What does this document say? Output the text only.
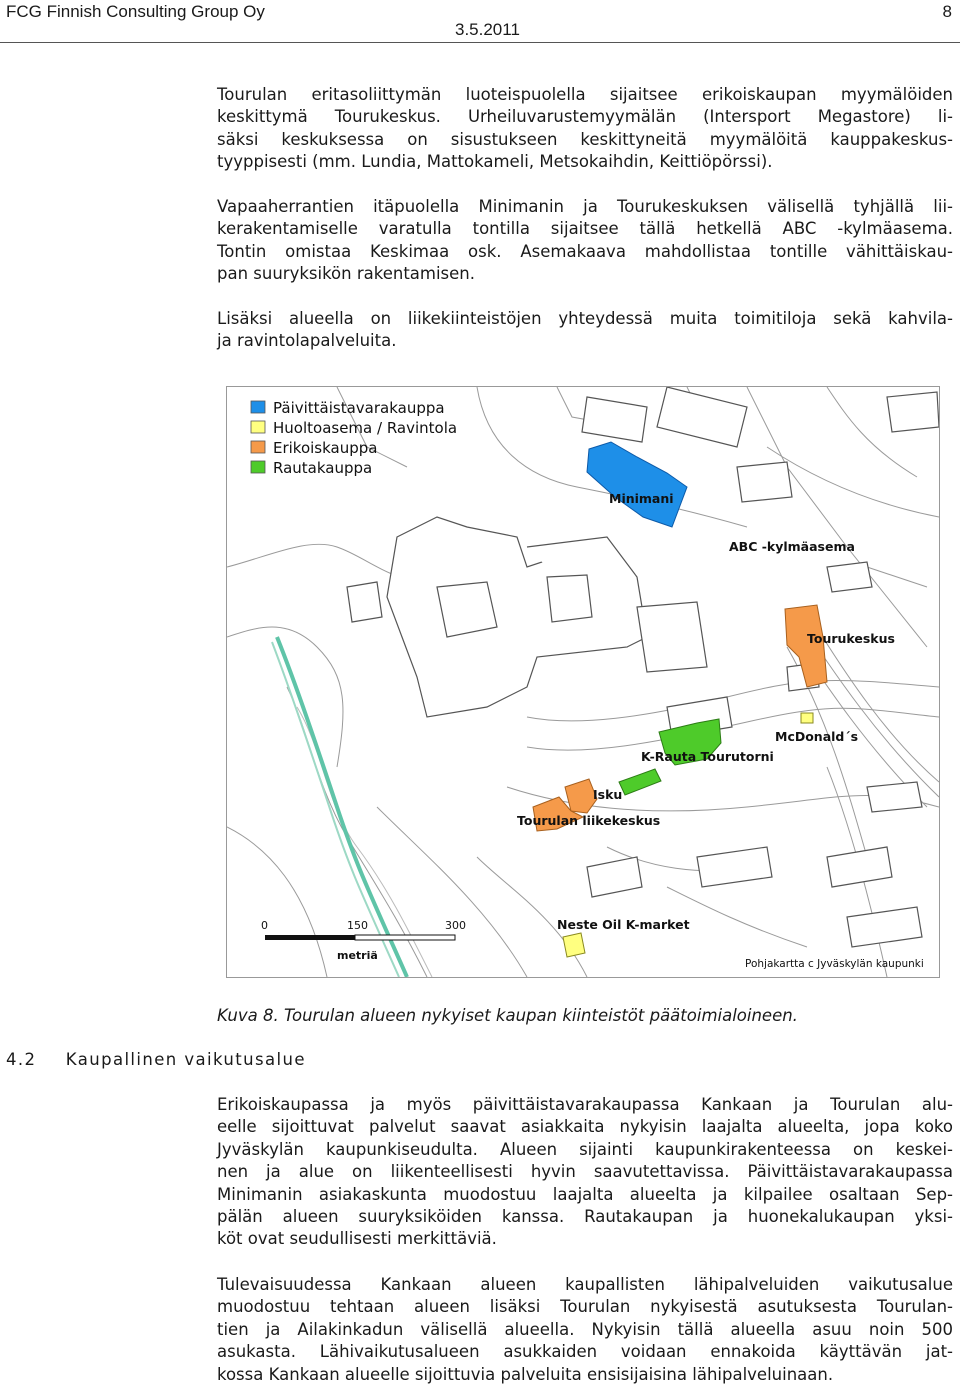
FCG Finnish Consulting Group Oy	8
3.5.2011
Tourulan eritasoliittymän luoteispuolella sijaitsee erikoiskaupan myymälöiden
keskittymä Tourukeskus. Urheiluvarustemyymälän (Intersport Megastore) li-
säksi keskuksessa on sisustukseen keskittyneitä myymälöitä kauppakeskus-
tyyppisesti (mm. Lundia, Mattokameli, Metsokaihdin, Keittiöpörssi).
Vapaaherrantien itäpuolella Minimanin ja Tourukeskuksen välisellä tyhjällä lii-
kerakentamiselle varatulla tontilla sijaitsee tällä hetkellä ABC -kylmäasema.
Tontin omistaa Keskimaa osk. Asemakaava mahdollistaa tontille vähittäiskau-
pan suuryksikön rakentamisen.
Lisäksi alueella on liikekiinteistöjen yhteydessä muita toimitiloja sekä kahvila-
ja ravintolapalveluita.
Päivittäistavarakauppa
Huoltoasema / Ravintola
Erikoiskauppa
Rautakauppa
Minimani
ABC -kylmäasema
Tourukeskus
McDonald´s
K-Rauta Tourutorni
Isku
Tourulan liikekeskus
Neste Oil K-market
0	150	300
metriä
Pohjakartta c Jyväskylän kaupunki
Kuva 8. Tourulan alueen nykyiset kaupan kiinteistöt päätoimialoineen.
4.2 Kaupallinen vaikutusalue
Erikoiskaupassa ja myös päivittäistavarakaupassa Kankaan ja Tourulan alu-
eelle sijoittuvat palvelut saavat asiakkaita nykyisin laajalta alueelta, jopa koko
Jyväskylän kaupunkiseudulta. Alueen sijainti kaupunkirakenteessa on keskei-
nen ja alue on liikenteellisesti hyvin saavutettavissa. Päivittäistavarakaupassa
Minimanin asiakaskunta muodostuu laajalta alueelta ja kilpailee osaltaan Sep-
pälän alueen suuryksiköiden kanssa. Rautakaupan ja huonekalukaupan yksi-
köt ovat seudullisesti merkittäviä.
Tulevaisuudessa Kankaan alueen kaupallisten lähipalveluiden vaikutusalue
muodostuu tehtaan alueen lisäksi Tourulan nykyisestä asutuksesta Tourulan-
tien ja Ailakinkadun välisellä alueella. Nykyisin tällä alueella asuu noin 500
asukasta. Lähivaikutusalueen asukkaiden voidaan ennakoida käyttävän jat-
kossa Kankaan alueelle sijoittuvia palveluita ensisijaisina lähipalveluinaan.
